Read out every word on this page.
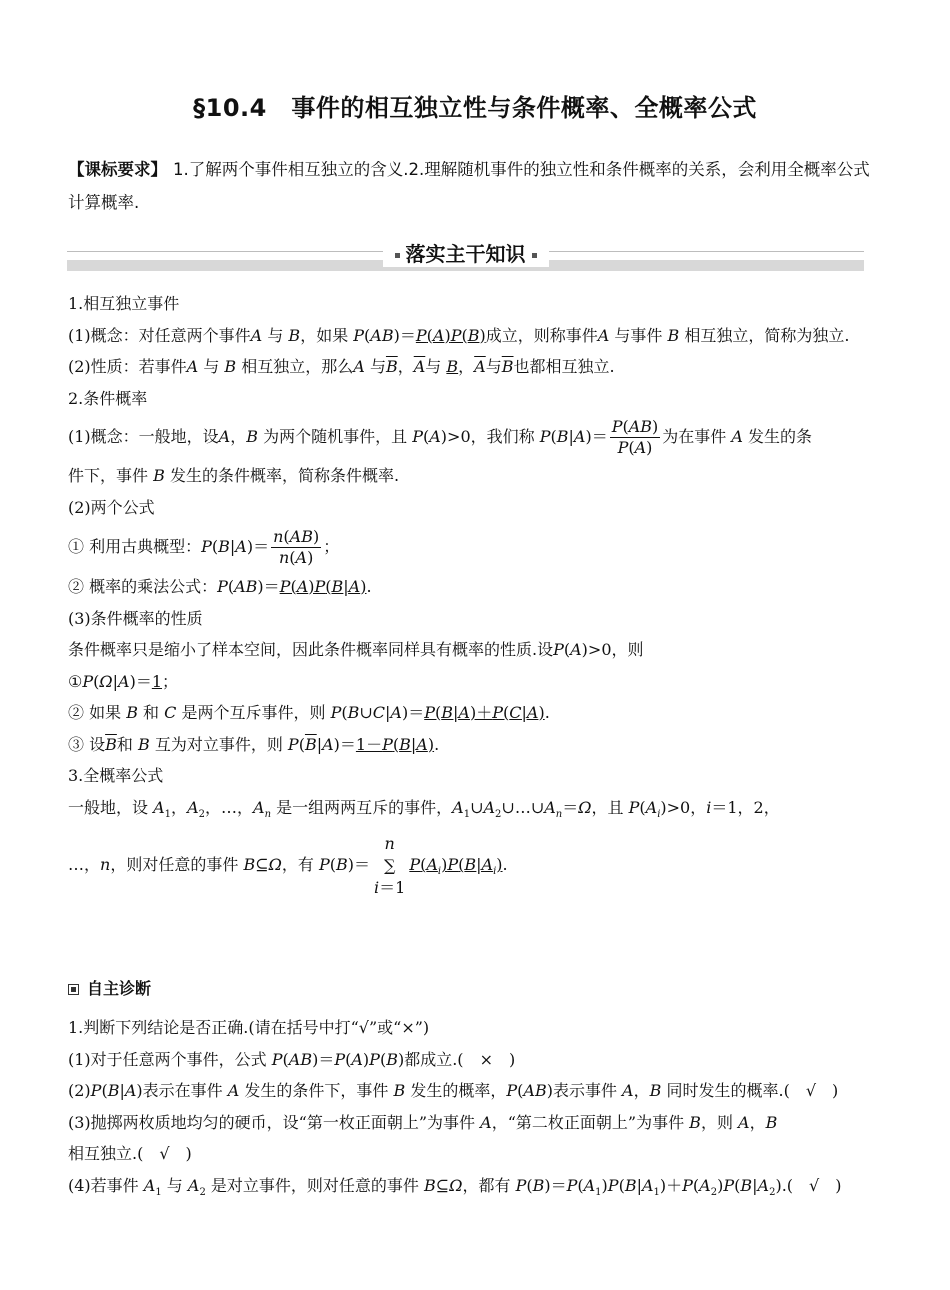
§10.4　事件的相互独立性与条件概率、全概率公式
【课标要求】 1.了解两个事件相互独立的含义.2.理解随机事件的独立性和条件概率的关系，会利用全概率公式计算概率.
落实主干知识

1.相互独立事件

(1)概念：对任意两个事件A 与 B，如果 P(AB)＝P(A)P(B)成立，则称事件A 与事件 B 相互独立，简称为独立.

(2)性质：若事件A 与 B 相互独立，那么A 与$\overline{B}$，$\overline{A}$与 B，$\overline{A}$与$\overline{B}$也都相互独立.

2.条件概率

(1)概念：一般地，设A，B 为两个随机事件，且 P(A)>0，我们称 $P(B|A)= \frac{P(AB)}{P(A)}$ 为在事件 A 发生的条

件下，事件 B 发生的条件概率，简称条件概率.

(2)两个公式

① 利用古典概型：$P(B|A)= \frac{n(AB)}{n(A)}$ ；

② 概率的乘法公式：P(AB)＝P(A)P(B|A).

(3)条件概率的性质

条件概率只是缩小了样本空间，因此条件概率同样具有概率的性质.设P(A)>0，则

①P(Ω|A)＝1；

② 如果 B 和 C 是两个互斥事件，则 P(B∪C|A)＝P(B|A)＋P(C|A).

③ 设$\overline{B}$和 B 互为对立事件，则 $P(\overline{B}|A)=1-P(B|A)$.

3.全概率公式

一般地，设 $A_1$，$A_2$，…，$A_n$ 是一组两两互斥的事件，$A_1\cup A_2\cup\dots\cup A_n=\Omega$，且 $P(A_i)>0$，i＝1，2，

…，n，则对任意的事件 B⊆Ω，有 P(B)＝
n
∑
i＝1
$P(A_i)P(B|A_i)$.

自主诊断

1.判断下列结论是否正确.(请在括号中打“√”或“×”)

(1)对于任意两个事件，公式 P(AB)＝P(A)P(B)都成立.(　 ×　)

(2)P(B|A)表示在事件 A 发生的条件下，事件 B 发生的概率，P(AB)表示事件 A，B 同时发生的概率.(　√　)

(3)抛掷两枚质地均匀的硬币，设“第一枚正面朝上”为事件 A，“第二枚正面朝上”为事件 B，则 A，B

相互独立.(　√　)

(4)若事件 $A_1$ 与 $A_2$ 是对立事件，则对任意的事件 B⊆Ω，都有 $P(B)=P(A_1)P(B|A_1)+P(A_2)P(B|A_2)$.(　√　)
